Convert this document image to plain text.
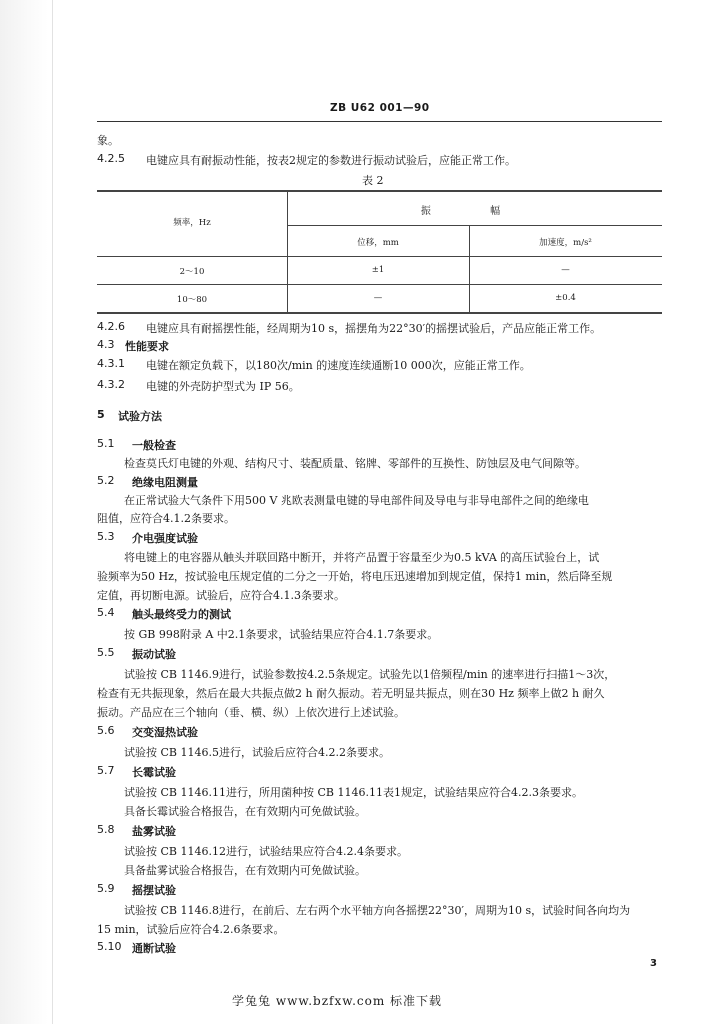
ZB U62 001—90
象。
4.2.5 电键应具有耐振动性能，按表2规定的参数进行振动试验后，应能正常工作。
表 2
频率，Hz
振 幅
位移，mm	加速度，m/s²
2～10	±1	—
10～80	—	±0.4
4.2.6 电键应具有耐摇摆性能，经周期为10 s，摇摆角为22°30′的摇摆试验后，产品应能正常工作。
4.3 性能要求
4.3.1 电键在额定负载下，以180次/min 的速度连续通断10 000次，应能正常工作。
4.3.2 电键的外壳防护型式为 IP 56。
5 试验方法
5.1 一般检查
检查莫氏灯电键的外观、结构尺寸、装配质量、铭牌、零部件的互换性、防蚀层及电气间隙等。
5.2 绝缘电阻测量
在正常试验大气条件下用500 V 兆欧表测量电键的导电部件间及导电与非导电部件之间的绝缘电
阻值，应符合4.1.2条要求。
5.3 介电强度试验
将电键上的电容器从触头并联回路中断开，并将产品置于容量至少为0.5 kVA 的高压试验台上，试
验频率为50 Hz，按试验电压规定值的二分之一开始，将电压迅速增加到规定值，保持1 min，然后降至规
定值，再切断电源。试验后，应符合4.1.3条要求。
5.4 触头最终受力的测试
按 GB 998附录 A 中2.1条要求，试验结果应符合4.1.7条要求。
5.5 振动试验
试验按 CB 1146.9进行，试验参数按4.2.5条规定。试验先以1倍频程/min 的速率进行扫描1～3次，
检查有无共振现象，然后在最大共振点做2 h 耐久振动。若无明显共振点，则在30 Hz 频率上做2 h 耐久
振动。产品应在三个轴向（垂、横、纵）上依次进行上述试验。
5.6 交变湿热试验
试验按 CB 1146.5进行，试验后应符合4.2.2条要求。
5.7 长霉试验
试验按 CB 1146.11进行，所用菌种按 CB 1146.11表1规定，试验结果应符合4.2.3条要求。
具备长霉试验合格报告，在有效期内可免做试验。
5.8 盐雾试验
试验按 CB 1146.12进行，试验结果应符合4.2.4条要求。
具备盐雾试验合格报告，在有效期内可免做试验。
5.9 摇摆试验
试验按 CB 1146.8进行，在前后、左右两个水平轴方向各摇摆22°30′，周期为10 s，试验时间各向均为
15 min，试验后应符合4.2.6条要求。
5.10 通断试验
3
学兔兔 www.bzfxw.com 标准下载
